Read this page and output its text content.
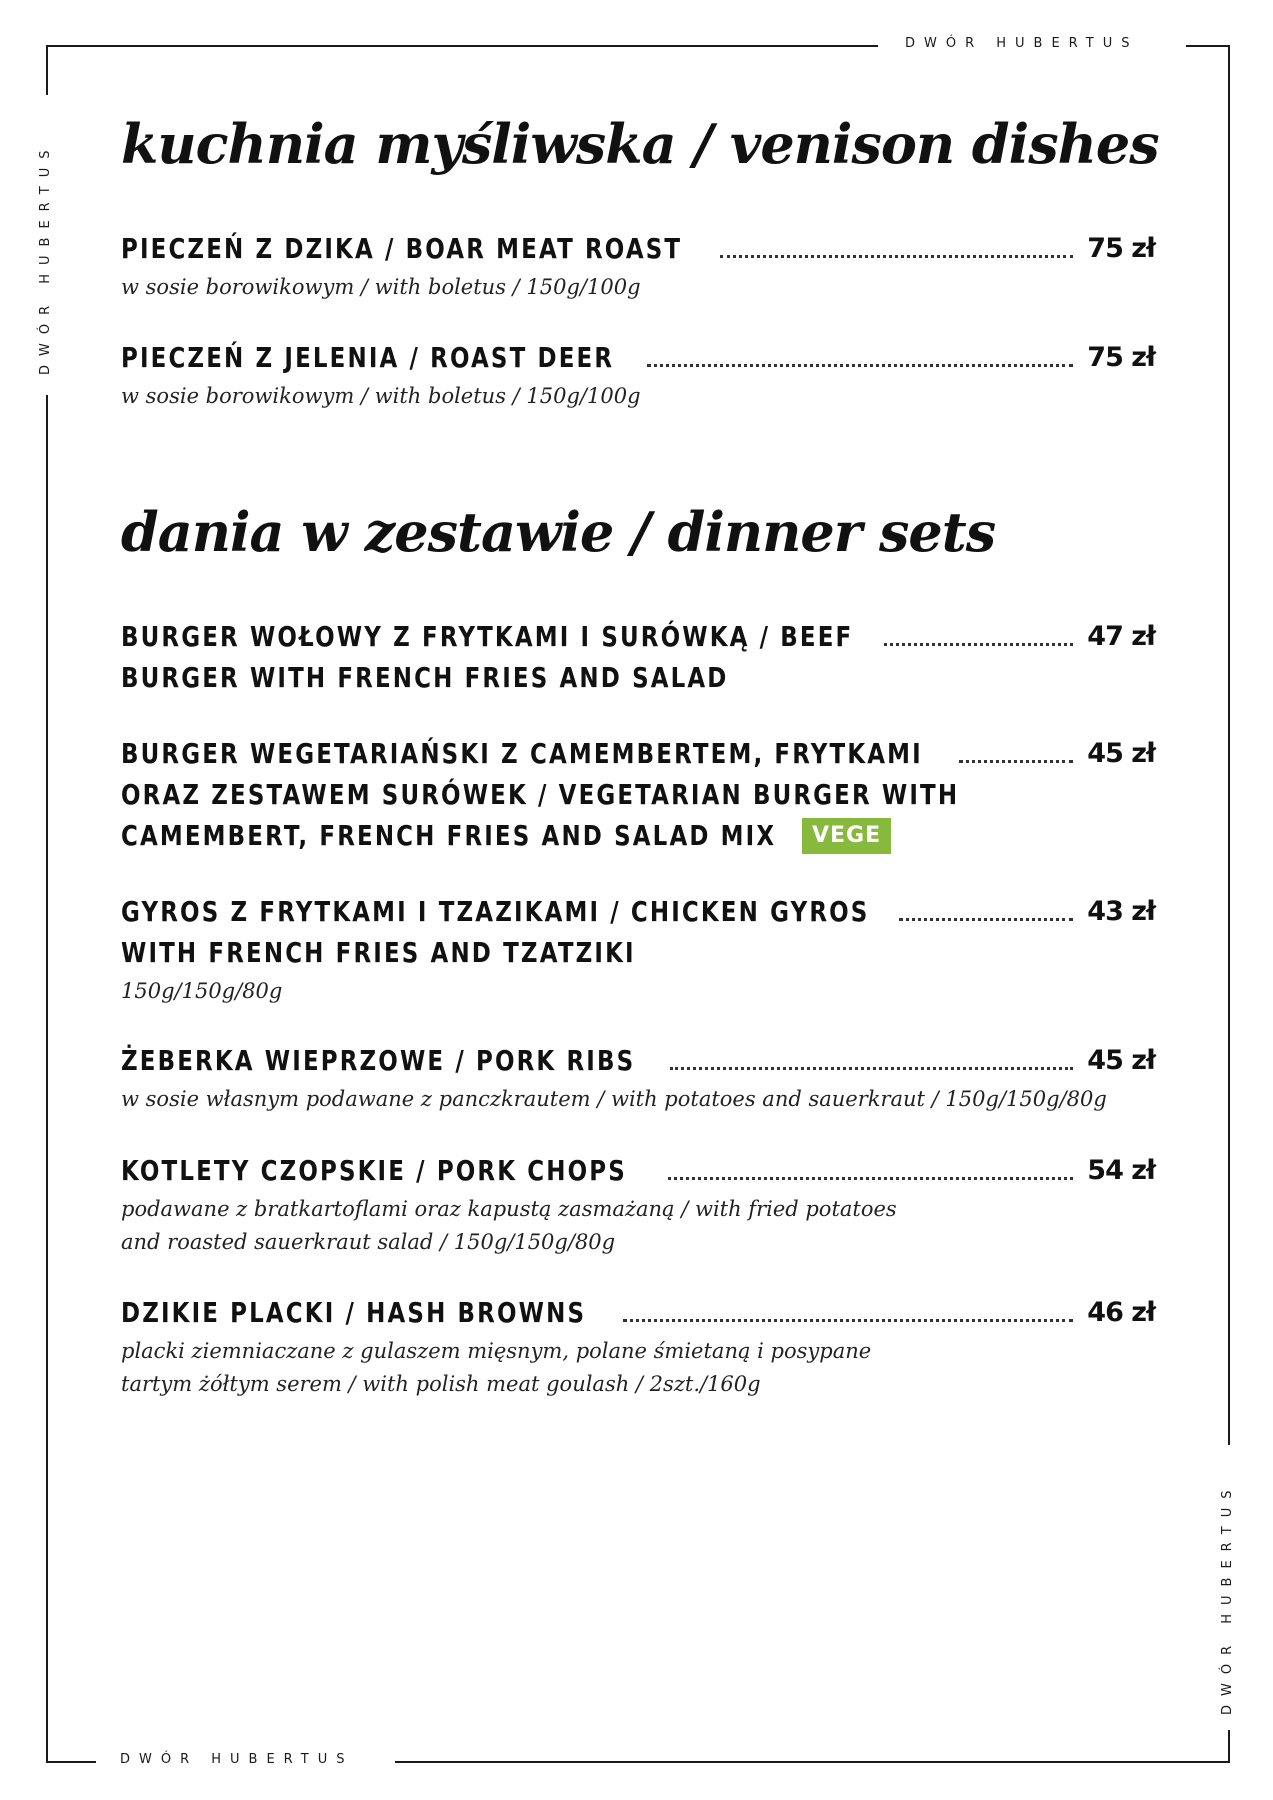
DWÓR HUBERTUS
DWÓR HUBERTUS
DWÓR HUBERTUS
DWÓR HUBERTUS
kuchnia myśliwska / venison dishes
PIECZEŃ Z DZIKA / BOAR MEAT ROAST	75 zł
w sosie borowikowym / with boletus / 150g/100g
PIECZEŃ Z JELENIA / ROAST DEER	75 zł
w sosie borowikowym / with boletus / 150g/100g
dania w zestawie / dinner sets
BURGER WOŁOWY Z FRYTKAMI I SURÓWKĄ / BEEF	47 zł
BURGER WITH FRENCH FRIES AND SALAD
BURGER WEGETARIAŃSKI Z CAMEMBERTEM, FRYTKAMI	45 zł
ORAZ ZESTAWEM SURÓWEK / VEGETARIAN BURGER WITH
CAMEMBERT, FRENCH FRIES AND SALAD MIX	VEGE
GYROS Z FRYTKAMI I TZAZIKAMI / CHICKEN GYROS	43 zł
WITH FRENCH FRIES AND TZATZIKI
150g/150g/80g
ŻEBERKA WIEPRZOWE / PORK RIBS	45 zł
w sosie własnym podawane z panczkrautem / with potatoes and sauerkraut / 150g/150g/80g
KOTLETY CZOPSKIE / PORK CHOPS	54 zł
podawane z bratkartoflami oraz kapustą zasmażaną / with fried potatoes
and roasted sauerkraut salad / 150g/150g/80g
DZIKIE PLACKI / HASH BROWNS	46 zł
placki ziemniaczane z gulaszem mięsnym, polane śmietaną i posypane
tartym żółtym serem / with polish meat goulash / 2szt./160g
